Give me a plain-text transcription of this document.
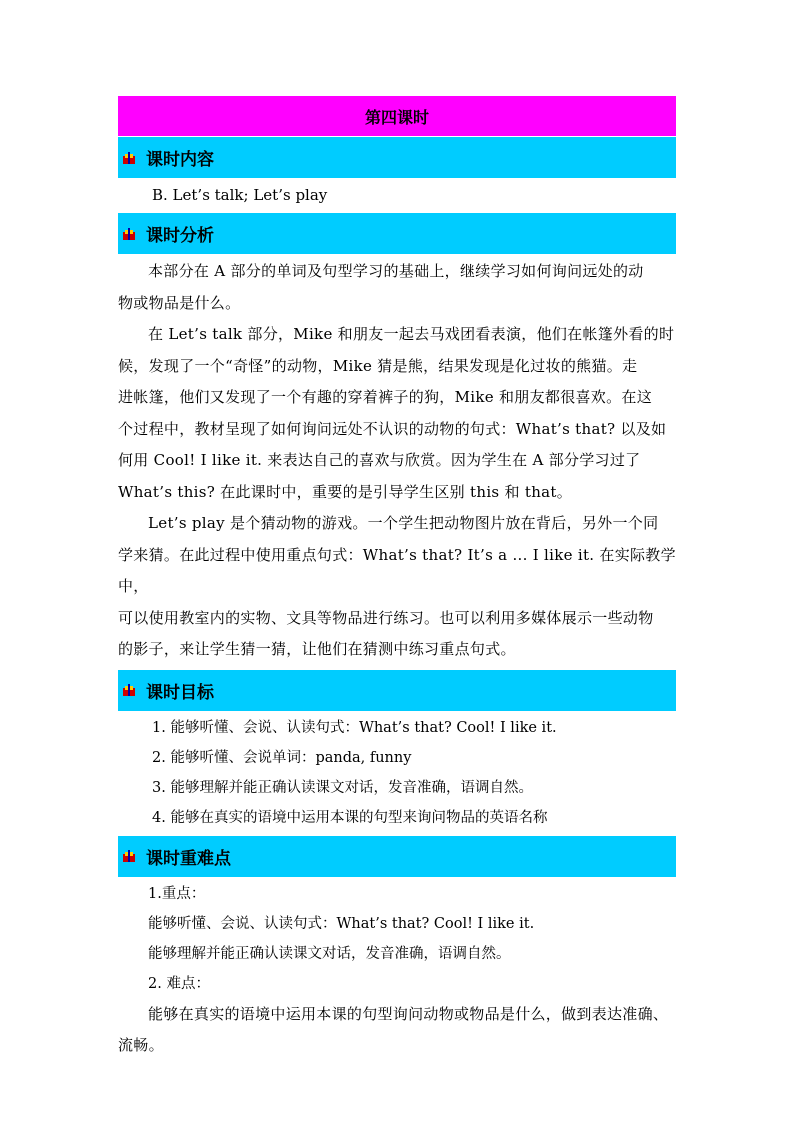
第四课时
课时内容
B. Let’s talk; Let’s play
课时分析
本部分在 A 部分的单词及句型学习的基础上，继续学习如何询问远处的动
物或物品是什么。
在 Let’s talk 部分，Mike 和朋友一起去马戏团看表演，他们在帐篷外看的时
候，发现了一个“奇怪”的动物，Mike 猜是熊，结果发现是化过妆的熊猫。走
进帐篷，他们又发现了一个有趣的穿着裤子的狗，Mike 和朋友都很喜欢。在这
个过程中，教材呈现了如何询问远处不认识的动物的句式：What’s that? 以及如
何用 Cool! I like it. 来表达自己的喜欢与欣赏。因为学生在 A 部分学习过了
What’s this? 在此课时中，重要的是引导学生区别 this 和 that。
Let’s play 是个猜动物的游戏。一个学生把动物图片放在背后，另外一个同
学来猜。在此过程中使用重点句式：What’s that? It’s a ... I like it. 在实际教学中，
可以使用教室内的实物、文具等物品进行练习。也可以利用多媒体展示一些动物
的影子，来让学生猜一猜，让他们在猜测中练习重点句式。
课时目标
1. 能够听懂、会说、认读句式：What’s that? Cool! I like it.
2. 能够听懂、会说单词：panda, funny
3. 能够理解并能正确认读课文对话，发音准确，语调自然。
4. 能够在真实的语境中运用本课的句型来询问物品的英语名称
课时重难点
1.重点：
能够听懂、会说、认读句式：What’s that? Cool! I like it.
能够理解并能正确认读课文对话，发音准确，语调自然。
2. 难点：
能够在真实的语境中运用本课的句型询问动物或物品是什么，做到表达准确、
流畅。
